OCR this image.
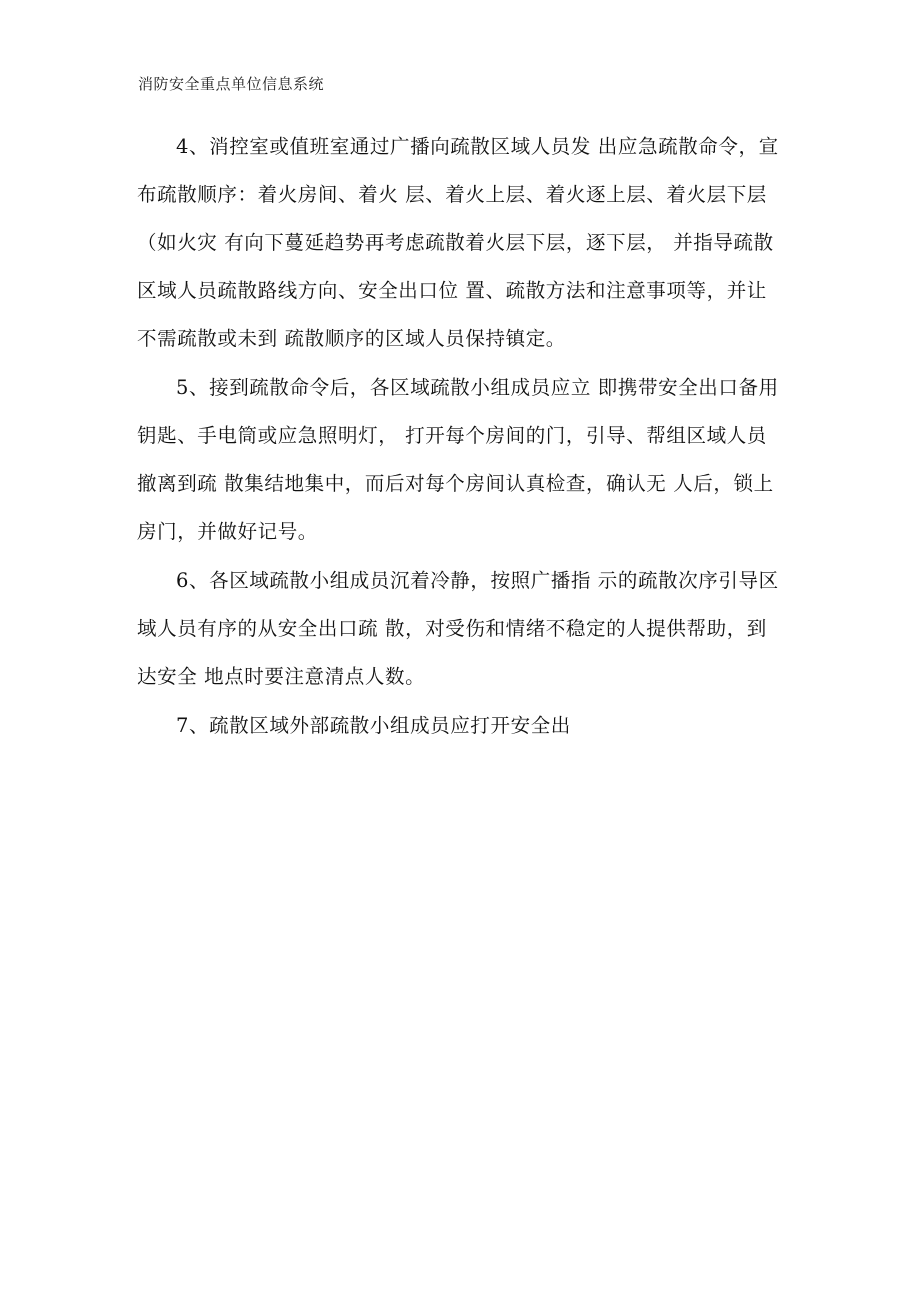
消防安全重点单位信息系统
4、消控室或值班室通过广播向疏散区域人员发 出应急疏散命令，宣
布疏散顺序：着火房间、着火 层、着火上层、着火逐上层、着火层下层
（如火灾 有向下蔓延趋势再考虑疏散着火层下层，逐下层， 并指导疏散
区域人员疏散路线方向、安全出口位 置、疏散方法和注意事项等，并让
不需疏散或未到 疏散顺序的区域人员保持镇定。
5、接到疏散命令后，各区域疏散小组成员应立 即携带安全出口备用
钥匙、手电筒或应急照明灯， 打开每个房间的门，引导、帮组区域人员
撤离到疏 散集结地集中，而后对每个房间认真检查，确认无 人后，锁上
房门，并做好记号。
6、各区域疏散小组成员沉着冷静，按照广播指 示的疏散次序引导区
域人员有序的从安全出口疏 散，对受伤和情绪不稳定的人提供帮助，到
达安全 地点时要注意清点人数。
7、疏散区域外部疏散小组成员应打开安全出
